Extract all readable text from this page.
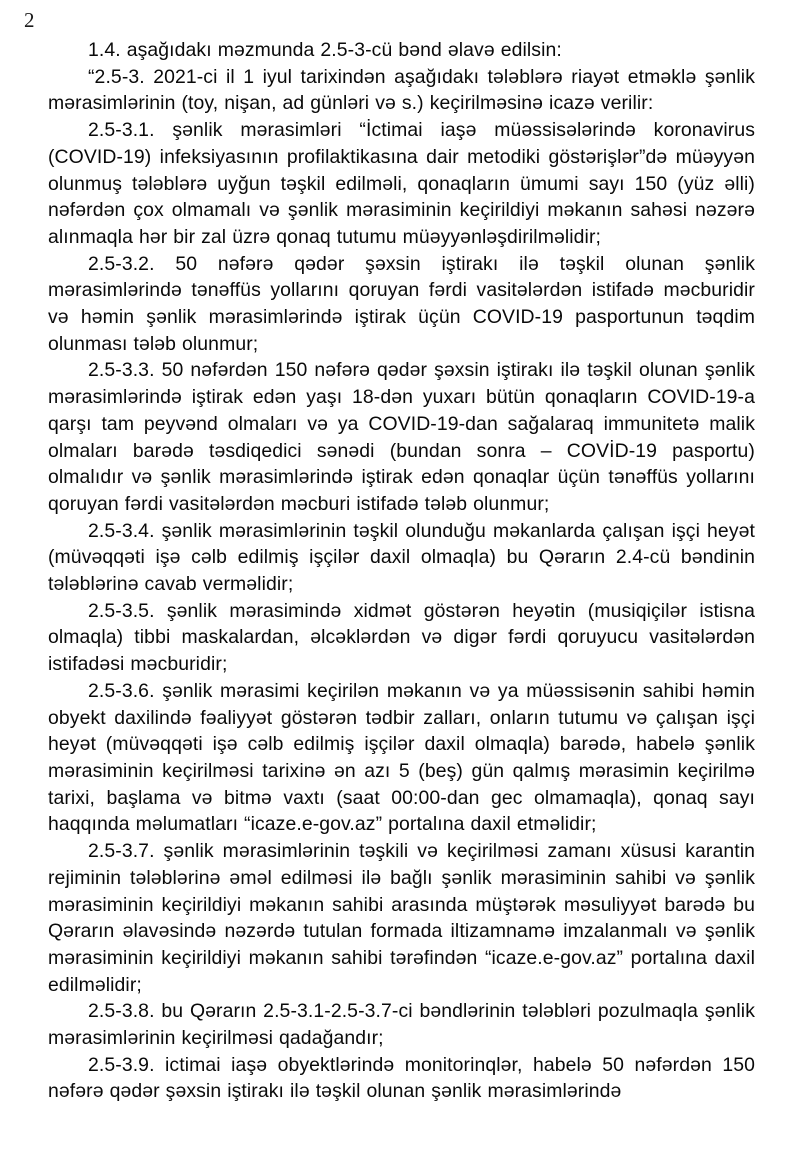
2

1.4. aşağıdakı məzmunda 2.5-3-cü bənd əlavə edilsin:

“2.5-3. 2021-ci il 1 iyul tarixindən aşağıdakı tələblərə riayət etməklə şənlik mərasimlərinin (toy, nişan, ad günləri və s.) keçirilməsinə icazə verilir:

2.5-3.1. şənlik mərasimləri “İctimai iaşə müəssisələrində koronavirus (COVID-19) infeksiyasının profilaktikasına dair metodiki göstərişlər”də müəyyən olunmuş tələblərə uyğun təşkil edilməli, qonaqların ümumi sayı 150 (yüz əlli) nəfərdən çox olmamalı və şənlik mərasiminin keçirildiyi məkanın sahəsi nəzərə alınmaqla hər bir zal üzrə qonaq tutumu müəyyənləşdirilməlidir;

2.5-3.2. 50 nəfərə qədər şəxsin iştirakı ilə təşkil olunan şənlik mərasimlərində tənəffüs yollarını qoruyan fərdi vasitələrdən istifadə məcburidir və həmin şənlik mərasimlərində iştirak üçün COVID-19 pasportunun təqdim olunması tələb olunmur;

2.5-3.3. 50 nəfərdən 150 nəfərə qədər şəxsin iştirakı ilə təşkil olunan şənlik mərasimlərində iştirak edən yaşı 18-dən yuxarı bütün qonaqların COVID-19-a qarşı tam peyvənd olmaları və ya COVID-19-dan sağalaraq immunitetə malik olmaları barədə təsdiqedici sənədi (bundan sonra – COVİD-19 pasportu) olmalıdır və şənlik mərasimlərində iştirak edən qonaqlar üçün tənəffüs yollarını qoruyan fərdi vasitələrdən məcburi istifadə tələb olunmur;

2.5-3.4. şənlik mərasimlərinin təşkil olunduğu məkanlarda çalışan işçi heyət (müvəqqəti işə cəlb edilmiş işçilər daxil olmaqla) bu Qərarın 2.4-cü bəndinin tələblərinə cavab verməlidir;

2.5-3.5. şənlik mərasimində xidmət göstərən heyətin (musiqiçilər istisna olmaqla) tibbi maskalardan, əlcəklərdən və digər fərdi qoruyucu vasitələrdən istifadəsi məcburidir;

2.5-3.6. şənlik mərasimi keçirilən məkanın və ya müəssisənin sahibi həmin obyekt daxilində fəaliyyət göstərən tədbir zalları, onların tutumu və çalışan işçi heyət (müvəqqəti işə cəlb edilmiş işçilər daxil olmaqla) barədə, habelə şənlik mərasiminin keçirilməsi tarixinə ən azı 5 (beş) gün qalmış mərasimin keçirilmə tarixi, başlama və bitmə vaxtı (saat 00:00-dan gec olmamaqla), qonaq sayı haqqında məlumatları “icaze.e-gov.az” portalına daxil etməlidir;

2.5-3.7. şənlik mərasimlərinin təşkili və keçirilməsi zamanı xüsusi karantin rejiminin tələblərinə əməl edilməsi ilə bağlı şənlik mərasiminin sahibi və şənlik mərasiminin keçirildiyi məkanın sahibi arasında müştərək məsuliyyət barədə bu Qərarın əlavəsində nəzərdə tutulan formada iltizamnamə imzalanmalı və şənlik mərasiminin keçirildiyi məkanın sahibi tərəfindən “icaze.e-gov.az” portalına daxil edilməlidir;

2.5-3.8. bu Qərarın 2.5-3.1-2.5-3.7-ci bəndlərinin tələbləri pozulmaqla şənlik mərasimlərinin keçirilməsi qadağandır;

2.5-3.9. ictimai iaşə obyektlərində monitorinqlər, habelə 50 nəfərdən 150 nəfərə qədər şəxsin iştirakı ilə təşkil olunan şənlik mərasimlərində
